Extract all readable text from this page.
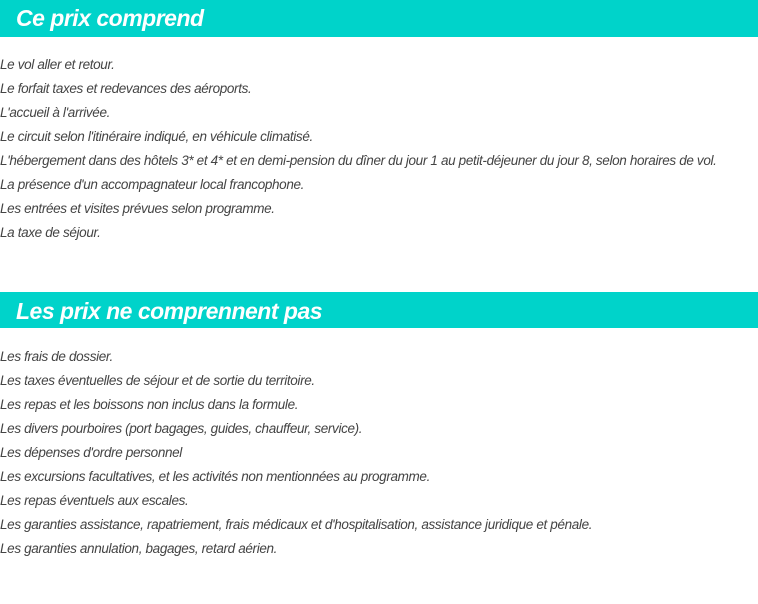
Ce prix comprend
Le vol aller et retour.
Le forfait taxes et redevances des aéroports.
L'accueil à l'arrivée.
Le circuit selon l'itinéraire indiqué, en véhicule climatisé.
L'hébergement dans des hôtels 3* et 4* et en demi-pension du dîner du jour 1 au petit-déjeuner du jour 8, selon horaires de vol.
La présence d'un accompagnateur local francophone.
Les entrées et visites prévues selon programme.
La taxe de séjour.
Les prix ne comprennent pas
Les frais de dossier.
Les taxes éventuelles de séjour et de sortie du territoire.
Les repas et les boissons non inclus dans la formule.
Les divers pourboires (port bagages, guides, chauffeur, service).
Les dépenses d'ordre personnel
Les excursions facultatives, et les activités non mentionnées au programme.
Les repas éventuels aux escales.
Les garanties assistance, rapatriement, frais médicaux et d'hospitalisation, assistance juridique et pénale.
Les garanties annulation, bagages, retard aérien.
